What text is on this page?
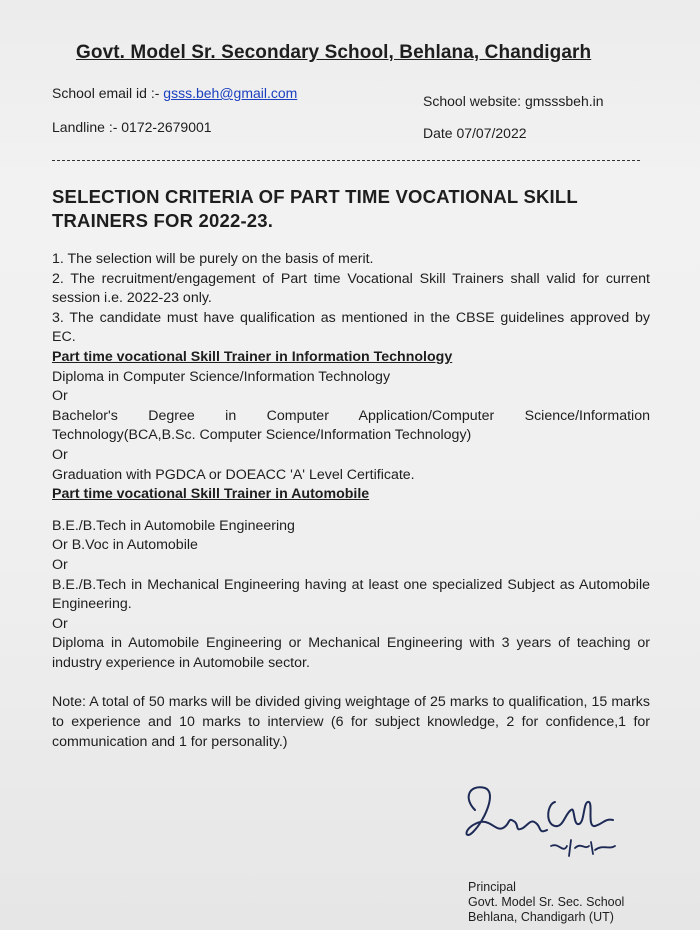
Govt. Model Sr. Secondary School, Behlana, Chandigarh
School email id :- gsss.beh@gmail.com	School website: gmsssbeh.in
Landline :- 0172-2679001	Date 07/07/2022
SELECTION CRITERIA OF PART TIME VOCATIONAL SKILL TRAINERS FOR 2022-23.

1. The selection will be purely on the basis of merit.

2. The recruitment/engagement of Part time Vocational Skill Trainers shall valid for current session i.e. 2022-23 only.

3. The candidate must have qualification as mentioned in the CBSE guidelines approved by EC.

Part time vocational Skill Trainer in Information Technology

Diploma in Computer Science/Information Technology

Or

Bachelor's Degree in Computer Application/Computer Science/Information Technology(BCA,B.Sc. Computer Science/Information Technology)

Or

Graduation with PGDCA or DOEACC 'A' Level Certificate.

Part time vocational Skill Trainer in Automobile

B.E./B.Tech in Automobile Engineering

Or B.Voc in Automobile

Or

B.E./B.Tech in Mechanical Engineering having at least one specialized Subject as Automobile Engineering.

Or

Diploma in Automobile Engineering or Mechanical Engineering with 3 years of teaching or industry experience in Automobile sector.

Note: A total of 50 marks will be divided giving weightage of 25 marks to qualification, 15 marks to experience and 10 marks to interview (6 for subject knowledge, 2 for confidence,1 for communication and 1 for personality.)

Principal
Govt. Model Sr. Sec. School
Behlana, Chandigarh (UT)
